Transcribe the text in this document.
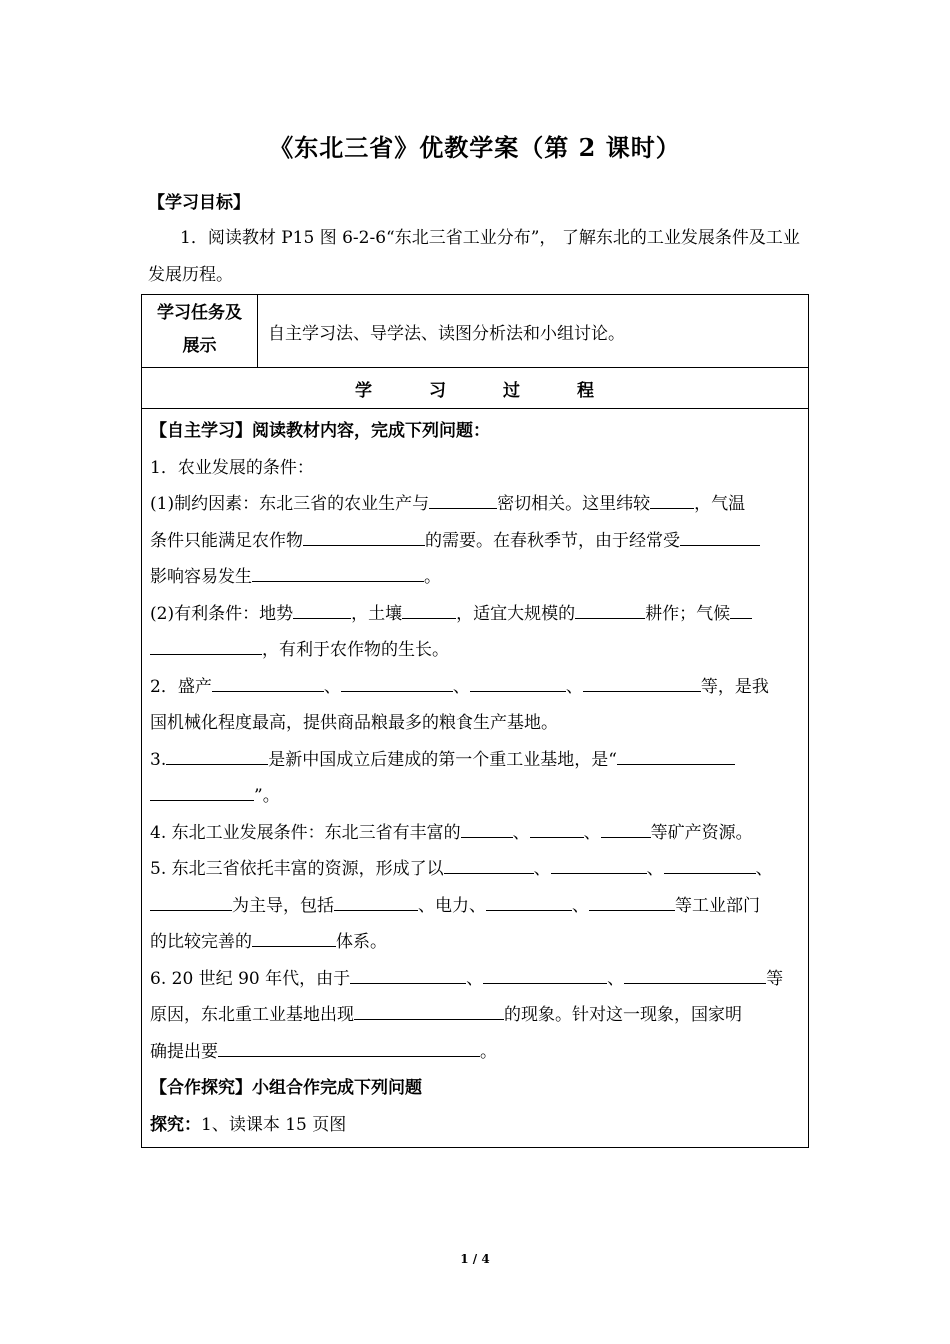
《东北三省》优教学案（第 2 课时）
【学习目标】
1．阅读教材 P15 图 6-2-6“东北三省工业分布”， 了解东北的工业发展条件及工业发展历程。
学习任务及
展示
	自主学习法、导学法、读图分析法和小组讨论。
学	习	过	程

【自主学习】阅读教材内容，完成下列问题：
1．农业发展的条件：
(1)制约因素：东北三省的农业生产与	密切相关。这里纬较	，气温
条件只能满足农作物	的需要。在春秋季节，由于经常受
影响容易发生	。
(2)有利条件：地势	，土壤	，适宜大规模的	耕作；气候
，有利于农作物的生长。
2．盛产	、	、	、	等，是我
国机械化程度最高，提供商品粮最多的粮食生产基地。
3.	是新中国成立后建成的第一个重工业基地，是“
”。
4. 东北工业发展条件：东北三省有丰富的	、	、	等矿产资源。
5. 东北三省依托丰富的资源，形成了以	、	、	、
为主导，包括	、电力、	、	等工业部门
的比较完善的	体系。
6. 20 世纪 90 年代，由于	、	、	等
原因，东北重工业基地出现	的现象。针对这一现象，国家明
确提出要	。
【合作探究】小组合作完成下列问题
探究：1、读课本 15 页图
1 / 4
